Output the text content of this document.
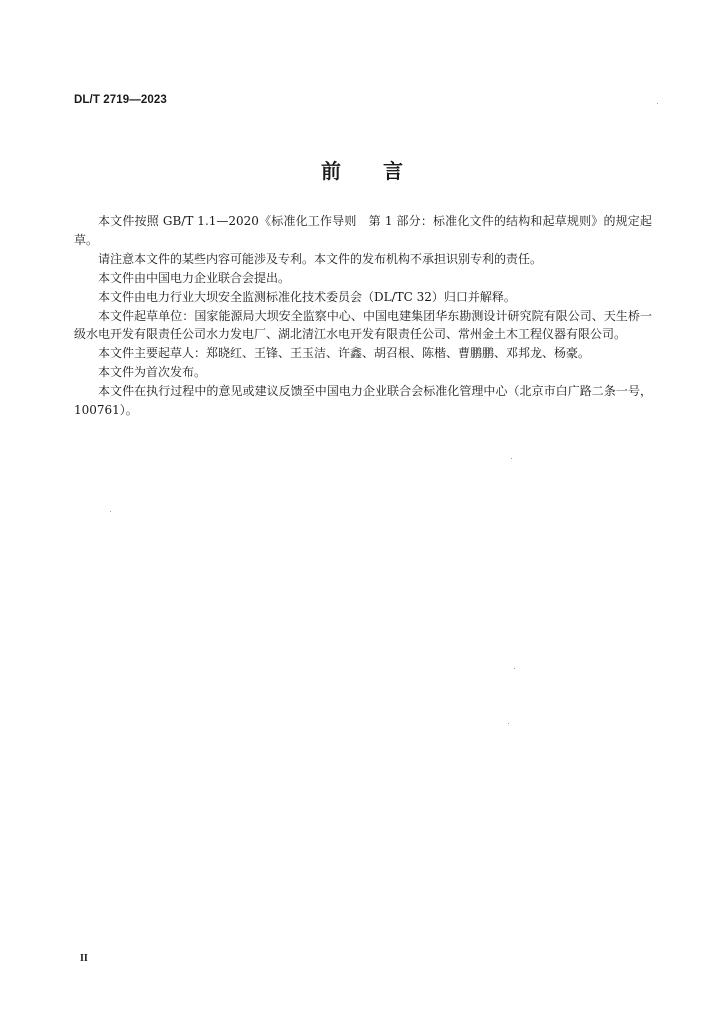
DL/T 2719—2023
前 言

本文件按照 GB/T 1.1—2020《标准化工作导则　第 1 部分：标准化文件的结构和起草规则》的规定起草。

请注意本文件的某些内容可能涉及专利。本文件的发布机构不承担识别专利的责任。

本文件由中国电力企业联合会提出。

本文件由电力行业大坝安全监测标准化技术委员会（DL/TC 32）归口并解释。

本文件起草单位：国家能源局大坝安全监察中心、中国电建集团华东勘测设计研究院有限公司、天生桥一级水电开发有限责任公司水力发电厂、湖北清江水电开发有限责任公司、常州金土木工程仪器有限公司。

本文件主要起草人：郑晓红、王锋、王玉洁、许鑫、胡召根、陈楷、曹鹏鹏、邓邦龙、杨豪。

本文件为首次发布。

本文件在执行过程中的意见或建议反馈至中国电力企业联合会标准化管理中心（北京市白广路二条一号，100761）。

II
